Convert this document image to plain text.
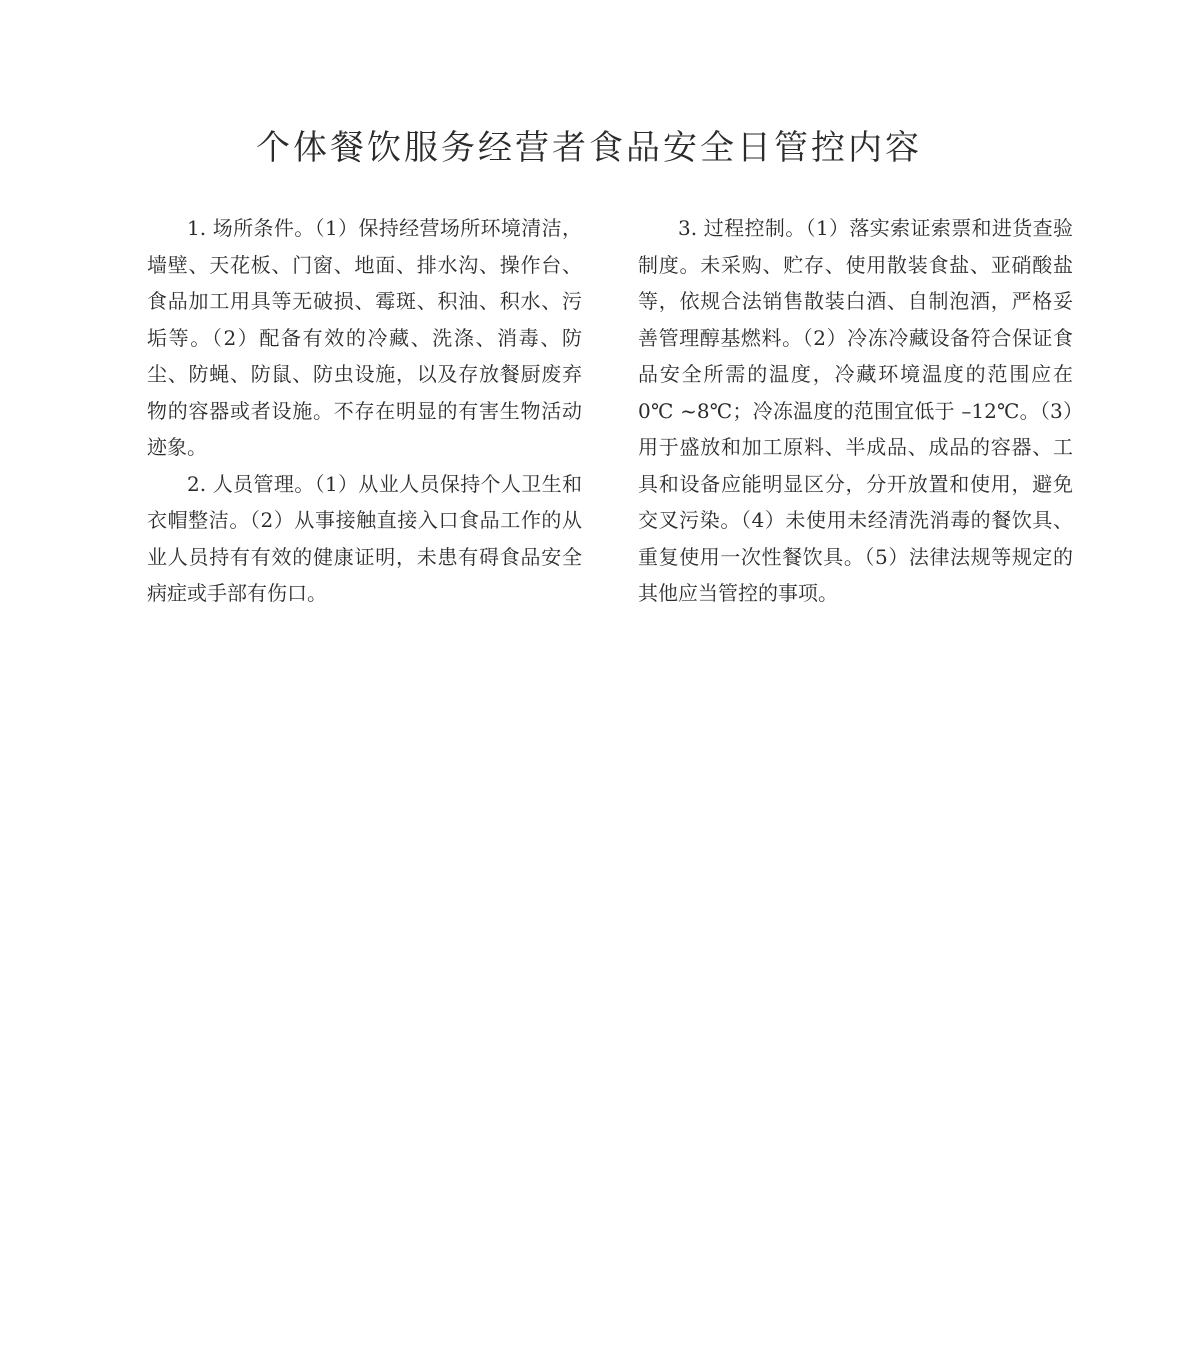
个体餐饮服务经营者食品安全日管控内容

1. 场所条件。（1）保持经营场所环境清洁，墙壁、天花板、门窗、地面、排水沟、操作台、食品加工用具等无破损、霉斑、积油、积水、污垢等。（2）配备有效的冷藏、洗涤、消毒、防尘、防蝇、防鼠、防虫设施，以及存放餐厨废弃物的容器或者设施。不存在明显的有害生物活动迹象。

2. 人员管理。（1）从业人员保持个人卫生和衣帽整洁。（2）从事接触直接入口食品工作的从业人员持有有效的健康证明，未患有碍食品安全病症或手部有伤口。

3. 过程控制。（1）落实索证索票和进货查验制度。未采购、贮存、使用散装食盐、亚硝酸盐等，依规合法销售散装白酒、自制泡酒，严格妥善管理醇基燃料。（2）冷冻冷藏设备符合保证食品安全所需的温度，冷藏环境温度的范围应在 0℃ ~8℃；冷冻温度的范围宜低于 –12℃。（3）用于盛放和加工原料、半成品、成品的容器、工具和设备应能明显区分，分开放置和使用，避免交叉污染。（4）未使用未经清洗消毒的餐饮具、重复使用一次性餐饮具。（5）法律法规等规定的其他应当管控的事项。
